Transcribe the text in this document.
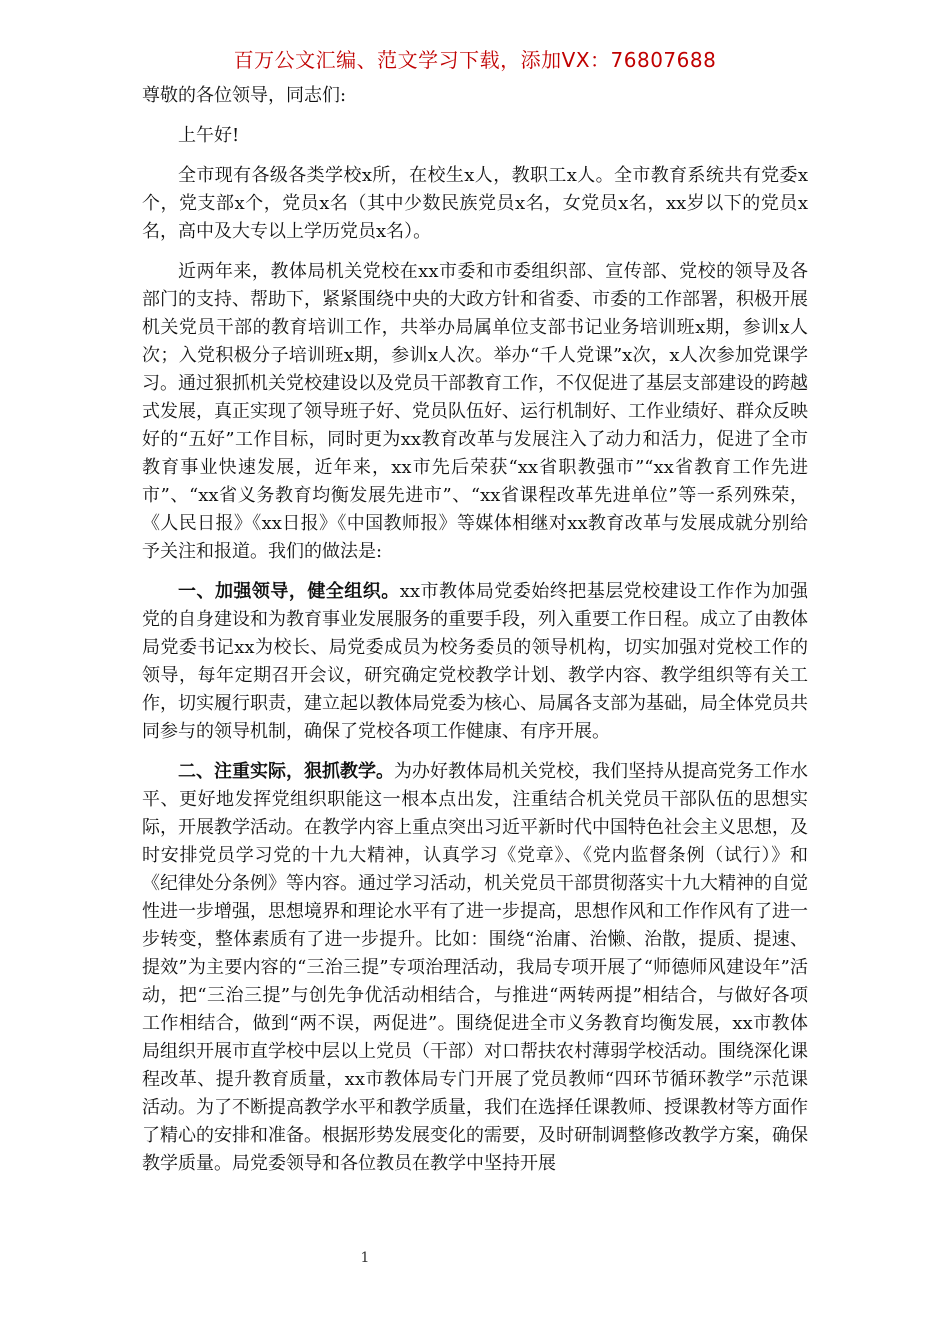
百万公文汇编、范文学习下载，添加VX：76807688

尊敬的各位领导，同志们:

上午好!

全市现有各级各类学校x所，在校生x人，教职工x人。全市教育系统共有党委x个，党支部x个，党员x名（其中少数民族党员x名，女党员x名，xx岁以下的党员x名，高中及大专以上学历党员x名）。

近两年来，教体局机关党校在xx市委和市委组织部、宣传部、党校的领导及各部门的支持、帮助下，紧紧围绕中央的大政方针和省委、市委的工作部署，积极开展机关党员干部的教育培训工作，共举办局属单位支部书记业务培训班x期，参训x人次；入党积极分子培训班x期，参训x人次。举办“千人党课”x次，x人次参加党课学习。通过狠抓机关党校建设以及党员干部教育工作，不仅促进了基层支部建设的跨越式发展，真正实现了领导班子好、党员队伍好、运行机制好、工作业绩好、群众反映好的“五好”工作目标，同时更为xx教育改革与发展注入了动力和活力，促进了全市教育事业快速发展，近年来，xx市先后荣获“xx省职教强市”“xx省教育工作先进市”、“xx省义务教育均衡发展先进市”、“xx省课程改革先进单位”等一系列殊荣，《人民日报》《xx日报》《中国教师报》等媒体相继对xx教育改革与发展成就分别给予关注和报道。我们的做法是:

一、加强领导，健全组织。xx市教体局党委始终把基层党校建设工作作为加强党的自身建设和为教育事业发展服务的重要手段，列入重要工作日程。成立了由教体局党委书记xx为校长、局党委成员为校务委员的领导机构，切实加强对党校工作的领导，每年定期召开会议，研究确定党校教学计划、教学内容、教学组织等有关工作，切实履行职责，建立起以教体局党委为核心、局属各支部为基础，局全体党员共同参与的领导机制，确保了党校各项工作健康、有序开展。

二、注重实际，狠抓教学。为办好教体局机关党校，我们坚持从提高党务工作水平、更好地发挥党组织职能这一根本点出发，注重结合机关党员干部队伍的思想实际，开展教学活动。在教学内容上重点突出习近平新时代中国特色社会主义思想，及时安排党员学习党的十九大精神，认真学习《党章》、《党内监督条例（试行）》和《纪律处分条例》等内容。通过学习活动，机关党员干部贯彻落实十九大精神的自觉性进一步增强，思想境界和理论水平有了进一步提高，思想作风和工作作风有了进一步转变，整体素质有了进一步提升。比如：围绕“治庸、治懒、治散，提质、提速、提效”为主要内容的“三治三提”专项治理活动，我局专项开展了“师德师风建设年”活动，把“三治三提”与创先争优活动相结合，与推进“两转两提”相结合，与做好各项工作相结合，做到“两不误，两促进”。围绕促进全市义务教育均衡发展，xx市教体局组织开展市直学校中层以上党员（干部）对口帮扶农村薄弱学校活动。围绕深化课程改革、提升教育质量，xx市教体局专门开展了党员教师“四环节循环教学”示范课活动。为了不断提高教学水平和教学质量，我们在选择任课教师、授课教材等方面作了精心的安排和准备。根据形势发展变化的需要，及时研制调整修改教学方案，确保教学质量。局党委领导和各位教员在教学中坚持开展

1
